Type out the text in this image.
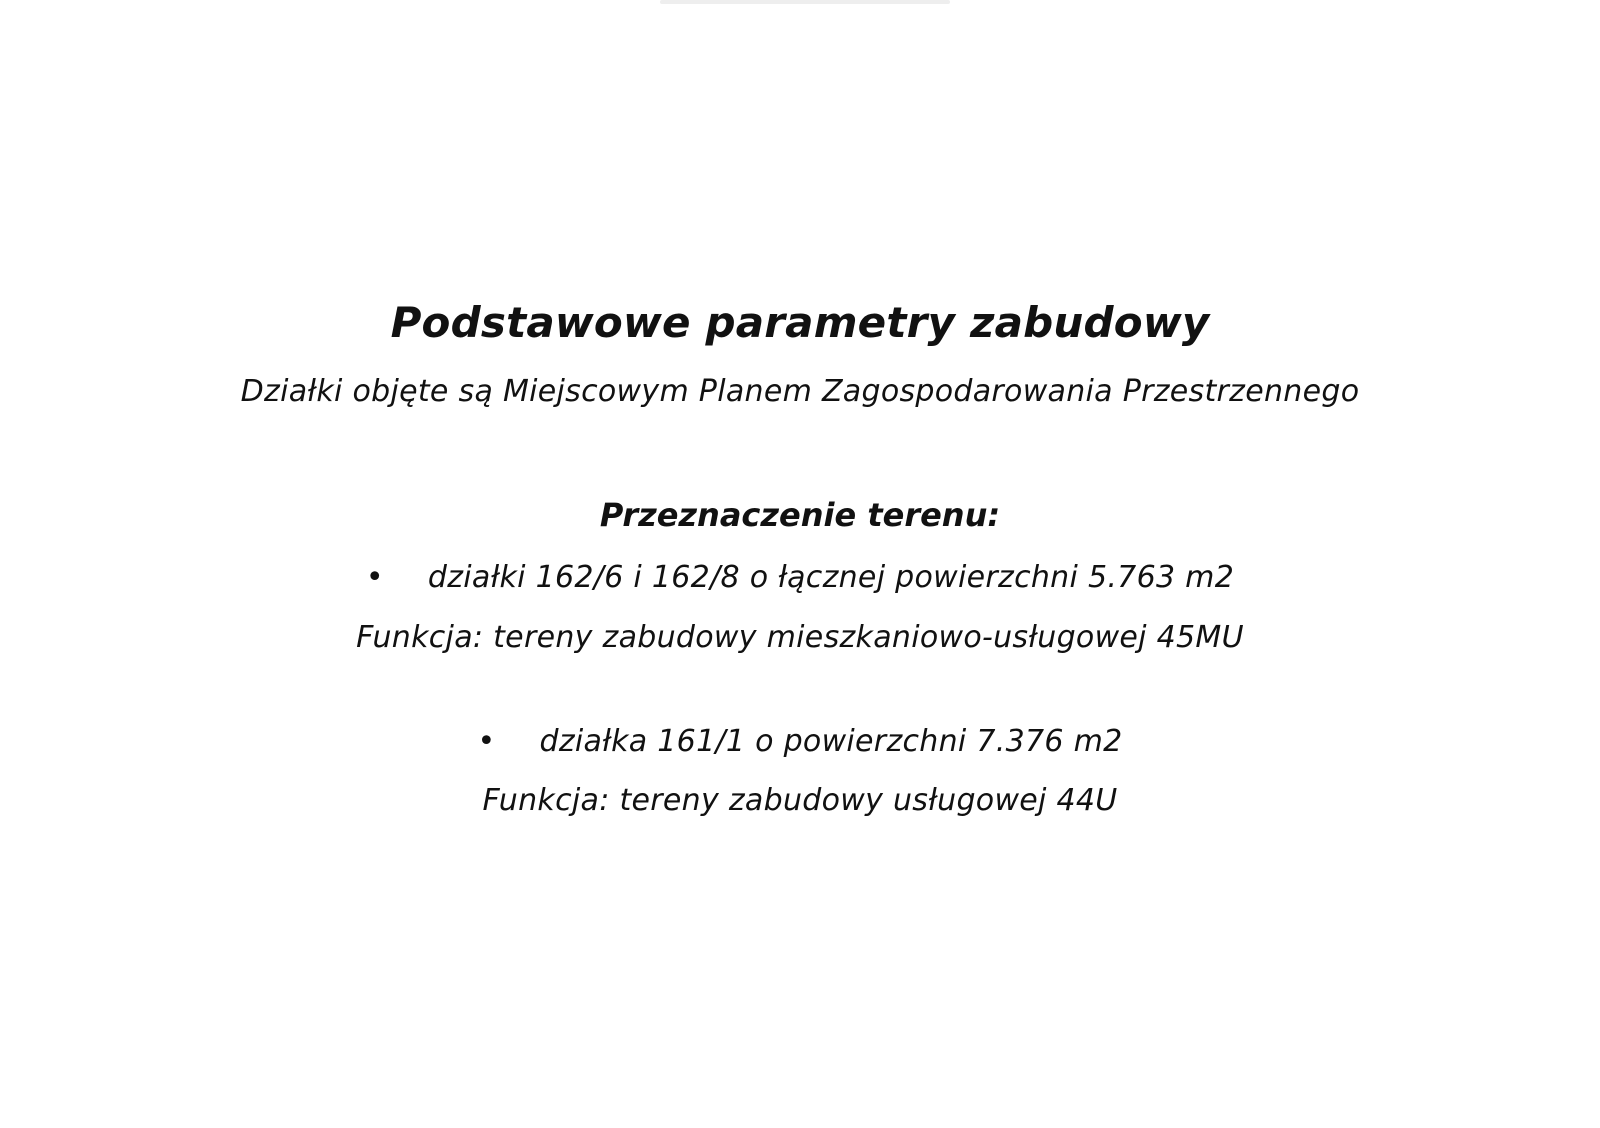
Podstawowe parametry zabudowy
Działki objęte są Miejscowym Planem Zagospodarowania Przestrzennego
Przeznaczenie terenu:
• działki 162/6 i 162/8 o łącznej powierzchni 5.763 m2
Funkcja: tereny zabudowy mieszkaniowo-usługowej 45MU
• działka 161/1 o powierzchni 7.376 m2
Funkcja: tereny zabudowy usługowej 44U
